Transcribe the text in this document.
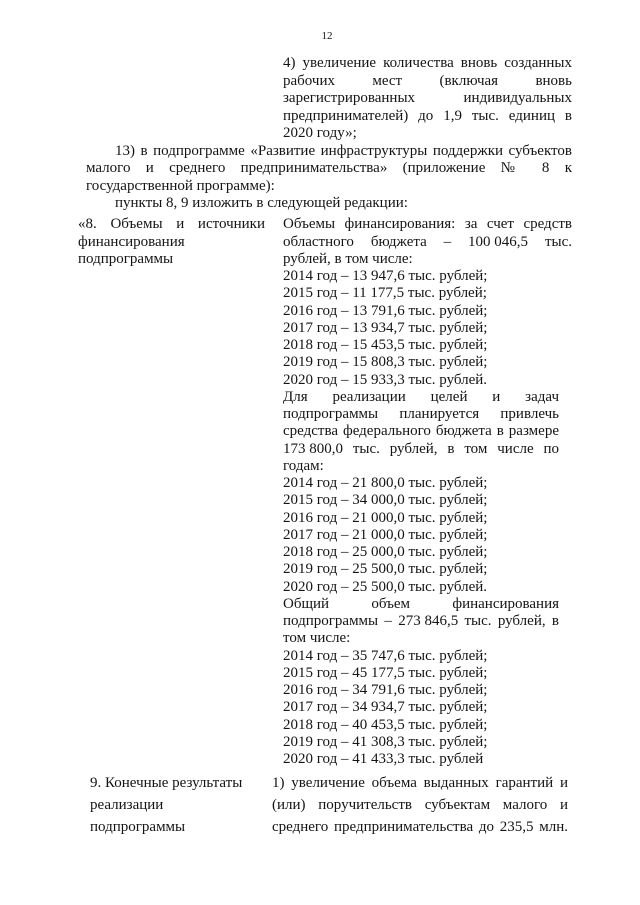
12
4) увеличение количества вновь созданных
рабочих мест (включая вновь
зарегистрированных индивидуальных
предпринимателей) до 1,9 тыс. единиц в
2020 году»;
13) в подпрограмме «Развитие инфраструктуры поддержки субъектов
малого и среднего предпринимательства» (приложение № 8 к
государственной программе):
пункты 8, 9 изложить в следующей редакции:
«8. Объемы и источники
финансирования
подпрограммы
Объемы финансирования: за счет средств
областного бюджета – 100 046,5 тыс.
рублей, в том числе:
2014 год – 13 947,6 тыс. рублей;
2015 год – 11 177,5 тыс. рублей;
2016 год – 13 791,6 тыс. рублей;
2017 год – 13 934,7 тыс. рублей;
2018 год – 15 453,5 тыс. рублей;
2019 год – 15 808,3 тыс. рублей;
2020 год – 15 933,3 тыс. рублей.
Для реализации целей и задач
подпрограммы планируется привлечь
средства федерального бюджета в размере
173 800,0 тыс. рублей, в том числе по
годам:
2014 год – 21 800,0 тыс. рублей;
2015 год – 34 000,0 тыс. рублей;
2016 год – 21 000,0 тыс. рублей;
2017 год – 21 000,0 тыс. рублей;
2018 год – 25 000,0 тыс. рублей;
2019 год – 25 500,0 тыс. рублей;
2020 год – 25 500,0 тыс. рублей.
Общий объем финансирования
подпрограммы – 273 846,5 тыс. рублей, в
том числе:
2014 год – 35 747,6 тыс. рублей;
2015 год – 45 177,5 тыс. рублей;
2016 год – 34 791,6 тыс. рублей;
2017 год – 34 934,7 тыс. рублей;
2018 год – 40 453,5 тыс. рублей;
2019 год – 41 308,3 тыс. рублей;
2020 год – 41 433,3 тыс. рублей
9. Конечные результаты
реализации
подпрограммы
1) увеличение объема выданных гарантий и
(или) поручительств субъектам малого и
среднего предпринимательства до 235,5 млн.
